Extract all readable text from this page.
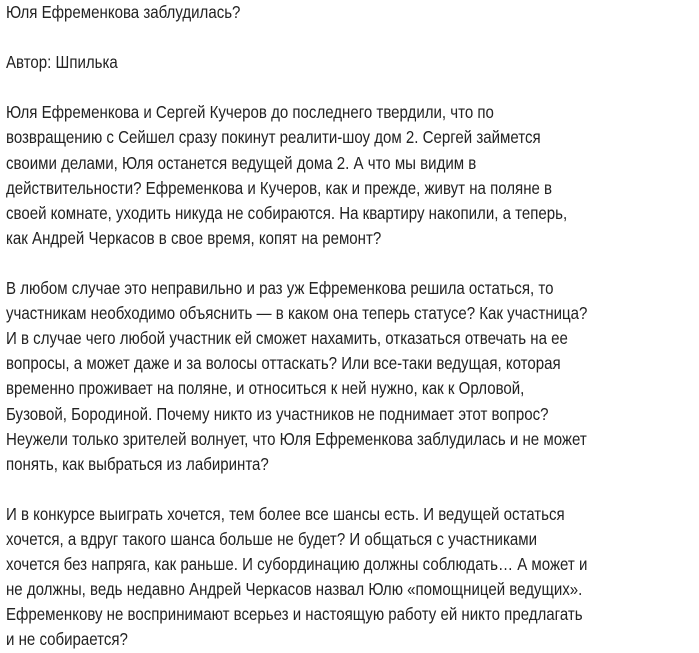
Юля Ефременкова заблудилась?
Автор: Шпилька
Юля Ефременкова и Сергей Кучеров до последнего твердили, что по
возвращению с Сейшел сразу покинут реалити-шоу дом 2. Сергей займется
своими делами, Юля останется ведущей дома 2. А что мы видим в
действительности? Ефременкова и Кучеров, как и прежде, живут на поляне в
своей комнате, уходить никуда не собираются. На квартиру накопили, а теперь,
как Андрей Черкасов в свое время, копят на ремонт?
В любом случае это неправильно и раз уж Ефременкова решила остаться, то
участникам необходимо объяснить — в каком она теперь статусе? Как участница?
И в случае чего любой участник ей сможет нахамить, отказаться отвечать на ее
вопросы, а может даже и за волосы оттаскать? Или все-таки ведущая, которая
временно проживает на поляне, и относиться к ней нужно, как к Орловой,
Бузовой, Бородиной. Почему никто из участников не поднимает этот вопрос?
Неужели только зрителей волнует, что Юля Ефременкова заблудилась и не может
понять, как выбраться из лабиринта?
И в конкурсе выиграть хочется, тем более все шансы есть. И ведущей остаться
хочется, а вдруг такого шанса больше не будет? И общаться с участниками
хочется без напряга, как раньше. И субординацию должны соблюдать… А может и
не должны, ведь недавно Андрей Черкасов назвал Юлю «помощницей ведущих».
Ефременкову не воспринимают всерьез и настоящую работу ей никто предлагать
и не собирается?
